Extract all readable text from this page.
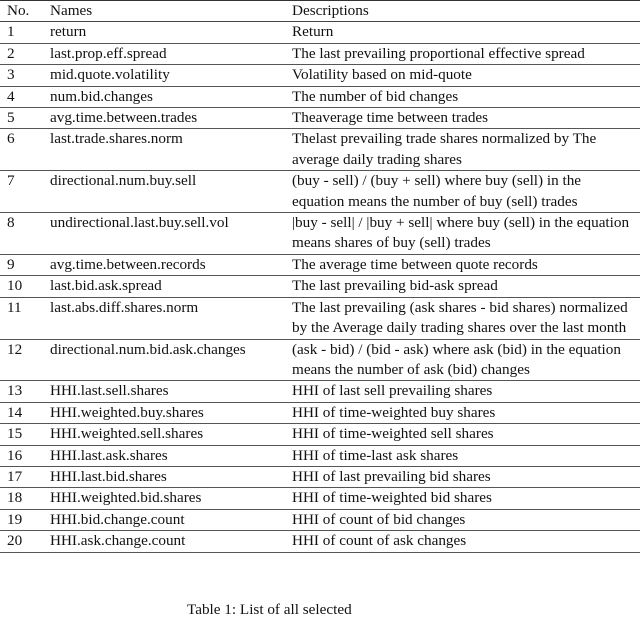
No.	Names	Descriptions
1	return	Return
2	last.prop.eff.spread	The last prevailing proportional effective spread
3	mid.quote.volatility	Volatility based on mid-quote
4	num.bid.changes	The number of bid changes
5	avg.time.between.trades	Theaverage time between trades
6	last.trade.shares.norm	Thelast prevailing trade shares normalized by The average daily trading shares
7	directional.num.buy.sell	(buy - sell) / (buy + sell) where buy (sell) in the equation means the number of buy (sell) trades
8	undirectional.last.buy.sell.vol	|buy - sell| / |buy + sell| where buy (sell) in the equation means shares of buy (sell) trades
9	avg.time.between.records	The average time between quote records
10	last.bid.ask.spread	The last prevailing bid-ask spread
11	last.abs.diff.shares.norm	The last prevailing (ask shares - bid shares) normalized by the Average daily trading shares over the last month
12	directional.num.bid.ask.changes	(ask - bid) / (bid - ask) where ask (bid) in the equation means the number of ask (bid) changes
13	HHI.last.sell.shares	HHI of last sell prevailing shares
14	HHI.weighted.buy.shares	HHI of time-weighted buy shares
15	HHI.weighted.sell.shares	HHI of time-weighted sell shares
16	HHI.last.ask.shares	HHI of time-last ask shares
17	HHI.last.bid.shares	HHI of last prevailing bid shares
18	HHI.weighted.bid.shares	HHI of time-weighted bid shares
19	HHI.bid.change.count	HHI of count of bid changes
20	HHI.ask.change.count	HHI of count of ask changes
Table 1: List of all selected
